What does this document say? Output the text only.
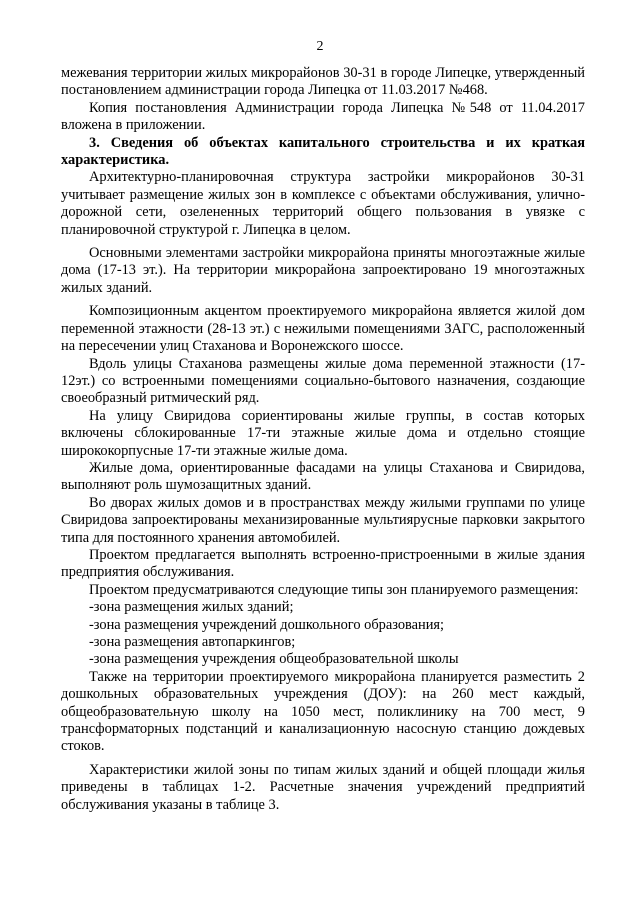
2

межевания территории жилых микрорайонов 30-31 в городе Липецке, утвержденный постановлением администрации города Липецка от 11.03.2017 №468.

Копия постановления Администрации города Липецка №548 от 11.04.2017 вложена в приложении.

3. Сведения об объектах капитального строительства и их краткая характеристика.

Архитектурно-планировочная структура застройки микрорайонов 30-31 учитывает размещение жилых зон в комплексе с объектами обслуживания, улично-дорожной сети, озелененных территорий общего пользования в увязке с планировочной структурой г. Липецка в целом.

Основными элементами застройки микрорайона приняты многоэтажные жилые дома (17-13 эт.). На территории микрорайона запроектировано 19 многоэтажных жилых зданий.

Композиционным акцентом проектируемого микрорайона является жилой дом переменной этажности (28-13 эт.) с нежилыми помещениями ЗАГС, расположенный на пересечении улиц Стаханова и Воронежского шоссе.

Вдоль улицы Стаханова размещены жилые дома переменной этажности (17-12эт.) со встроенными помещениями социально-бытового назначения, создающие своеобразный ритмический ряд.

На улицу Свиридова сориентированы жилые группы, в состав которых включены сблокированные 17-ти этажные жилые дома и отдельно стоящие ширококорпусные 17-ти этажные жилые дома.

Жилые дома, ориентированные фасадами на улицы Стаханова и Свиридова, выполняют роль шумозащитных зданий.

Во дворах жилых домов и в пространствах между жилыми группами по улице Свиридова запроектированы механизированные мультиярусные парковки закрытого типа для постоянного хранения автомобилей.

Проектом предлагается выполнять встроенно-пристроенными в жилые здания предприятия обслуживания.

Проектом предусматриваются следующие типы зон планируемого размещения:

-зона размещения жилых зданий;

-зона размещения учреждений дошкольного образования;

-зона размещения автопаркингов;

-зона размещения учреждения общеобразовательной школы

Также на территории проектируемого микрорайона планируется разместить 2 дошкольных образовательных учреждения (ДОУ): на 260 мест каждый, общеобразовательную школу на 1050 мест, поликлинику на 700 мест, 9 трансформаторных подстанций и канализационную насосную станцию дождевых стоков.

Характеристики жилой зоны по типам жилых зданий и общей площади жилья приведены в таблицах 1-2. Расчетные значения учреждений предприятий обслуживания указаны в таблице 3.
